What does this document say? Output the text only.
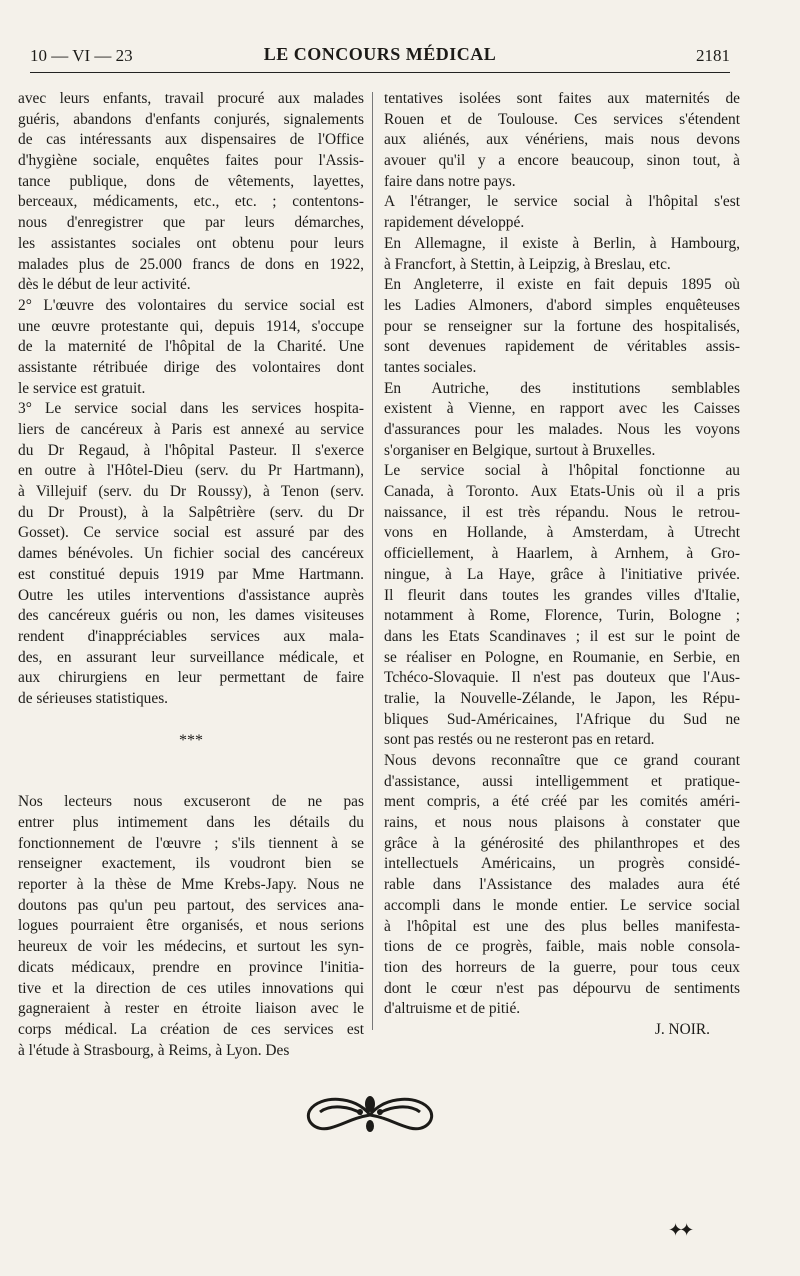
10 — VI — 23	LE CONCOURS MÉDICAL	2181
avec leurs enfants, travail procuré aux malades
guéris, abandons d'enfants conjurés, signalements
de cas intéressants aux dispensaires de l'Office
d'hygiène sociale, enquêtes faites pour l'Assis-
tance publique, dons de vêtements, layettes,
berceaux, médicaments, etc., etc. ; contentons-
nous d'enregistrer que par leurs démarches,
les assistantes sociales ont obtenu pour leurs
malades plus de 25.000 francs de dons en 1922,
dès le début de leur activité.
2° L'œuvre des volontaires du service social est
une œuvre protestante qui, depuis 1914, s'occupe
de la maternité de l'hôpital de la Charité. Une
assistante rétribuée dirige des volontaires dont
le service est gratuit.
3° Le service social dans les services hospita-
liers de cancéreux à Paris est annexé au service
du Dr Regaud, à l'hôpital Pasteur. Il s'exerce
en outre à l'Hôtel-Dieu (serv. du Pr Hartmann),
à Villejuif (serv. du Dr Roussy), à Tenon (serv.
du Dr Proust), à la Salpêtrière (serv. du Dr
Gosset). Ce service social est assuré par des
dames bénévoles. Un fichier social des cancéreux
est constitué depuis 1919 par Mme Hartmann.
Outre les utiles interventions d'assistance auprès
des cancéreux guéris ou non, les dames visiteuses
rendent d'inappréciables services aux mala-
des, en assurant leur surveillance médicale, et
aux chirurgiens en leur permettant de faire
de sérieuses statistiques.
***
Nos lecteurs nous excuseront de ne pas
entrer plus intimement dans les détails du
fonctionnement de l'œuvre ; s'ils tiennent à se
renseigner exactement, ils voudront bien se
reporter à la thèse de Mme Krebs-Japy. Nous ne
doutons pas qu'un peu partout, des services ana-
logues pourraient être organisés, et nous serions
heureux de voir les médecins, et surtout les syn-
dicats médicaux, prendre en province l'initia-
tive et la direction de ces utiles innovations qui
gagneraient à rester en étroite liaison avec le
corps médical. La création de ces services est
à l'étude à Strasbourg, à Reims, à Lyon. Des
tentatives isolées sont faites aux maternités de
Rouen et de Toulouse. Ces services s'étendent
aux aliénés, aux vénériens, mais nous devons
avouer qu'il y a encore beaucoup, sinon tout, à
faire dans notre pays.
A l'étranger, le service social à l'hôpital s'est
rapidement développé.
En Allemagne, il existe à Berlin, à Hambourg,
à Francfort, à Stettin, à Leipzig, à Breslau, etc.
En Angleterre, il existe en fait depuis 1895 où
les Ladies Almoners, d'abord simples enquêteuses
pour se renseigner sur la fortune des hospitalisés,
sont devenues rapidement de véritables assis-
tantes sociales.
En Autriche, des institutions semblables
existent à Vienne, en rapport avec les Caisses
d'assurances pour les malades. Nous les voyons
s'organiser en Belgique, surtout à Bruxelles.
Le service social à l'hôpital fonctionne au
Canada, à Toronto. Aux Etats-Unis où il a pris
naissance, il est très répandu. Nous le retrou-
vons en Hollande, à Amsterdam, à Utrecht
officiellement, à Haarlem, à Arnhem, à Gro-
ningue, à La Haye, grâce à l'initiative privée.
Il fleurit dans toutes les grandes villes d'Italie,
notamment à Rome, Florence, Turin, Bologne ;
dans les Etats Scandinaves ; il est sur le point de
se réaliser en Pologne, en Roumanie, en Serbie, en
Tchéco-Slovaquie. Il n'est pas douteux que l'Aus-
tralie, la Nouvelle-Zélande, le Japon, les Répu-
bliques Sud-Américaines, l'Afrique du Sud ne
sont pas restés ou ne resteront pas en retard.
Nous devons reconnaître que ce grand courant
d'assistance, aussi intelligemment et pratique-
ment compris, a été créé par les comités améri-
rains, et nous nous plaisons à constater que
grâce à la générosité des philanthropes et des
intellectuels Américains, un progrès considé-
rable dans l'Assistance des malades aura été
accompli dans le monde entier. Le service social
à l'hôpital est une des plus belles manifesta-
tions de ce progrès, faible, mais noble consola-
tion des horreurs de la guerre, pour tous ceux
dont le cœur n'est pas dépourvu de sentiments
d'altruisme et de pitié.
J. NOIR.
✦✦
